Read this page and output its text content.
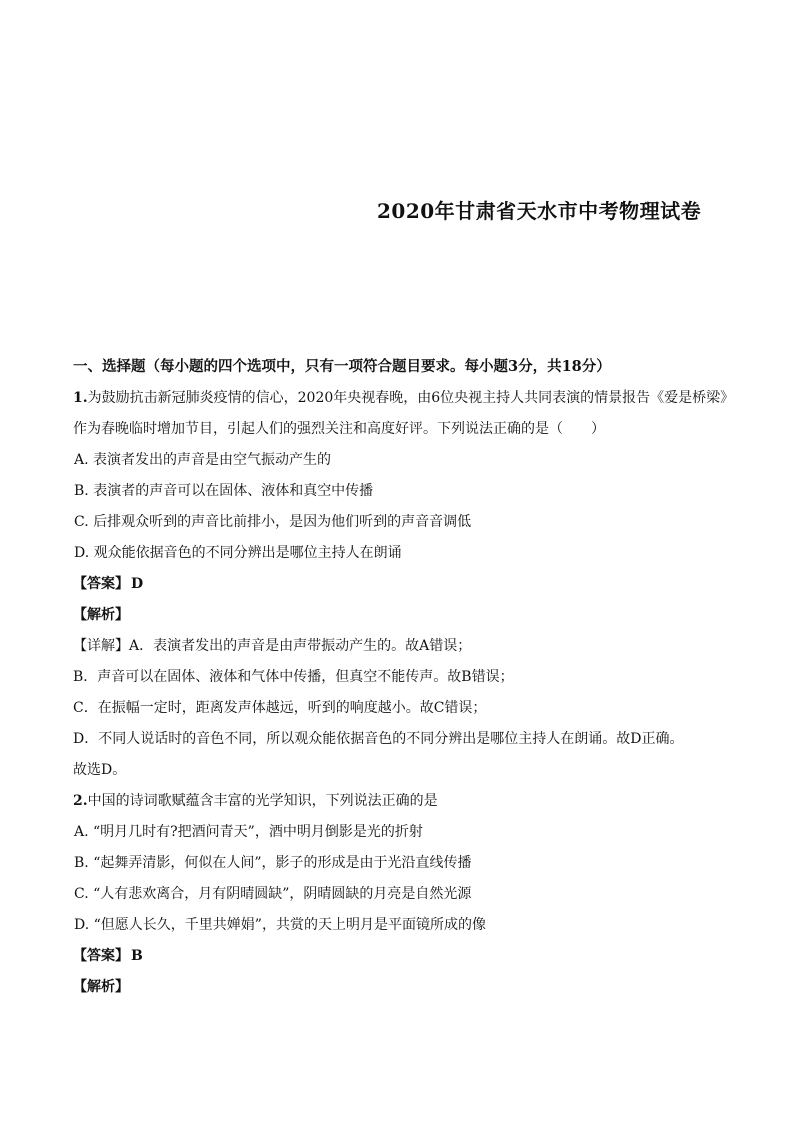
2020年甘肃省天水市中考物理试卷
一、选择题（每小题的四个选项中，只有一项符合题目要求。每小题3分，共18分）
1.为鼓励抗击新冠肺炎疫情的信心，2020年央视春晚，由6位央视主持人共同表演的情景报告《爱是桥梁》
作为春晚临时增加节目，引起人们的强烈关注和高度好评。下列说法正确的是（　　）
A. 表演者发出的声音是由空气振动产生的
B. 表演者的声音可以在固体、液体和真空中传播
C. 后排观众听到的声音比前排小，是因为他们听到的声音音调低
D. 观众能依据音色的不同分辨出是哪位主持人在朗诵
【答案】 D
【解析】
【详解】A．表演者发出的声音是由声带振动产生的。故A错误；
B．声音可以在固体、液体和气体中传播，但真空不能传声。故B错误；
C．在振幅一定时，距离发声体越远，听到的响度越小。故C错误；
D．不同人说话时的音色不同，所以观众能依据音色的不同分辨出是哪位主持人在朗诵。故D正确。
故选D。
2.中国的诗词歌赋蕴含丰富的光学知识，下列说法正确的是
A. “明月几时有?把酒问青天”，酒中明月倒影是光的折射
B. “起舞弄清影，何似在人间”，影子的形成是由于光沿直线传播
C. “人有悲欢离合，月有阴晴圆缺”，阴晴圆缺的月亮是自然光源
D. “但愿人长久，千里共婵娟”，共赏的天上明月是平面镜所成的像
【答案】 B
【解析】
